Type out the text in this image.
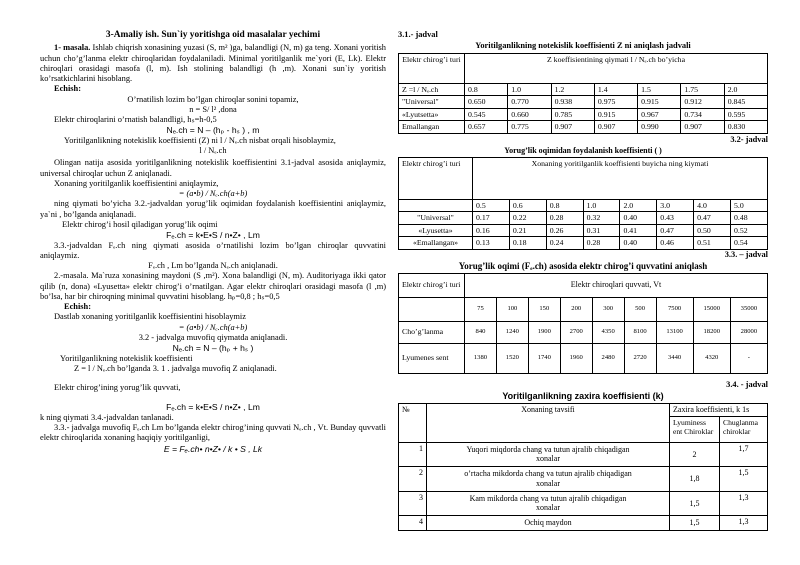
3-Amaliy ish. Sun`iy yoritishga oid masalalar yechimi

1- masala. Ishlab chiqrish xonasining yuzasi (S, m² )ga, balandligi (N, m) ga teng. Xonani yoritish uchun cho’g’lanma elektr chiroqlaridan foydalaniladi. Minimal yoritilganlik me`yori (E, Lk). Elektr chiroqlari orasidagi masofa (l, m). Ish stolining balandligi (h ,m). Xonani sun`iy yoritish ko’rsatkichlarini hisoblang.

Echish:

O’rnatilish lozim bo’lgan chiroqlar sonini topamiz,

n = S/ l² ,dona

Elektr chiroqlarini o’rnatish balandligi, hₛ=h-0,5

Nₑ.ch = N – (hₚ - hₛ ) , m

Yoritilganlikning notekislik koeffisienti (Z) ni l / Nₑ.ch nisbat orqali hisoblaymiz,

l / Nₑ.ch

Olingan natija asosida yoritilganlikning notekislik koeffisientini 3.1-jadval asosida aniqlaymiz, universal chiroqlar uchun Z aniqlanadi.

Xonaning yoritilganlik koeffisientini aniqlaymiz,

= (a•b) / Nₑ.ch(a+b)

ning qiymati bo’yicha 3.2.-jadvaldan yorug’lik oqimidan foydalanish koeffisientini aniqlaymiz, ya`ni , bo’lganda aniqlanadi.

Elektr chirog’i hosil qiladigan yorug’lik oqimi

Fₑ.ch = k•E•S / n•Z• , Lm

3.3.-jadvaldan Fₑ.ch ning qiymati asosida o’rnatilishi lozim bo’lgan chiroqlar quvvatini aniqlaymiz.

Fₑ.ch , Lm bo’lganda Nₑ.ch aniqlanadi.

2.-masala. Ma`ruza xonasining maydoni (S ,m²). Xona balandligi (N, m). Auditoriyaga ikki qator qilib (n, dona) «Lyusetta» elektr chirog’i o’rnatilgan. Agar elektr chiroqlari orasidagi masofa (l ,m) bo’lsa, har bir chiroqning minimal quvvatini hisoblang. hₚ=0,8 ; hₛ=0,5

Echish:

Dastlab xonaning yoritilganlik koeffisientini hisoblaymiz

= (a•b) / Nₑ.ch(a+b)

3.2 - jadvalga muvofiq qiymatda aniqlanadi.

Nₑ.ch = N – (hₚ + hₛ )

Yoritilganlikning notekislik koeffisienti

Z = l / Nₑ.ch bo’lganda 3. 1 . jadvalga muvofiq Z aniqlanadi.

Elektr chirog’ining yorug’lik quvvati,

Fₑ.ch = k•E•S / n•Z• , Lm

k ning qiymati 3.4.-jadvaldan tanlanadi.

3.3.- jadvalga muvofiq Fₑ.ch Lm bo’lganda elektr chirog’ining quvvati Nₑ.ch , Vt. Bunday quvvatli elektr chiroqlarida xonaning haqiqiy yoritilganligi,

E = Fₑ.ch• n•Z• / k • S , Lk

3.1.- jadval
Yoritilganlikning notekislik koeffisienti Z ni aniqlash jadvali
Elektr chirog’i turi	Z koeffisientining qiymati l / Nₑ.ch bo’yicha						
Z =l / Nₑ.ch	0.8	1.0	1.2	1.4	1.5	1.75	2.0
"Universal"	0.650	0.770	0.938	0.975	0.915	0.912	0.845
«Lyutsetta»	0.545	0.660	0.785	0.915	0.967	0.734	0.595
Emallangan	0.657	0.775	0.907	0.907	0.990	0.907	0.830
3.2- jadval
Yorug’lik oqimidan foydalanish koeffisienti ( )
Elektr chirog’i turi	Xonaning yoritilganlik koeffisienti buyicha ning kiymati							
	0.5	0.6	0.8	1.0	2.0	3.0	4.0	5.0
"Universal"	0.17	0.22	0.28	0.32	0.40	0.43	0.47	0.48
«Lyusetta»	0.16	0.21	0.26	0.31	0.41	0.47	0.50	0.52
«Emallangan»	0.13	0.18	0.24	0.28	0.40	0.46	0.51	0.54
3.3. – jadval
Yorug’lik oqimi (Fₑ.ch) asosida elektr chirog’i quvvatini aniqlash
Elektr chirog’i turi	Elektr chiroqlari quvvati, Vt								
	75	100	150	200	300	500	7500	15000	35000
Cho’g’lanma	840	1240	1900	2700	4350	8100	13100	18200	28000
Lyumenes sent	1380	1520	1740	1960	2480	2720	3440	4320	-
3.4. - jadval
Yoritilganlikning zaxira koeffisienti (k)
№	Xonaning tavsifi	Zaxira koeffisienti, k 1s	
		Lyuminess ent Chiroklar	Chuglanma chiroklar
1	Yuqori miqdorda chang va tutun ajralib chiqadigan xonalar	2	1,7
2	o’rtacha mikdorda chang va tutun ajralib chiqadigan xonalar	1,8	1,5
3	Kam mikdorda chang va tutun ajralib chiqadigan xonalar	1,5	1,3
4	Ochiq maydon	1,5	1,3
